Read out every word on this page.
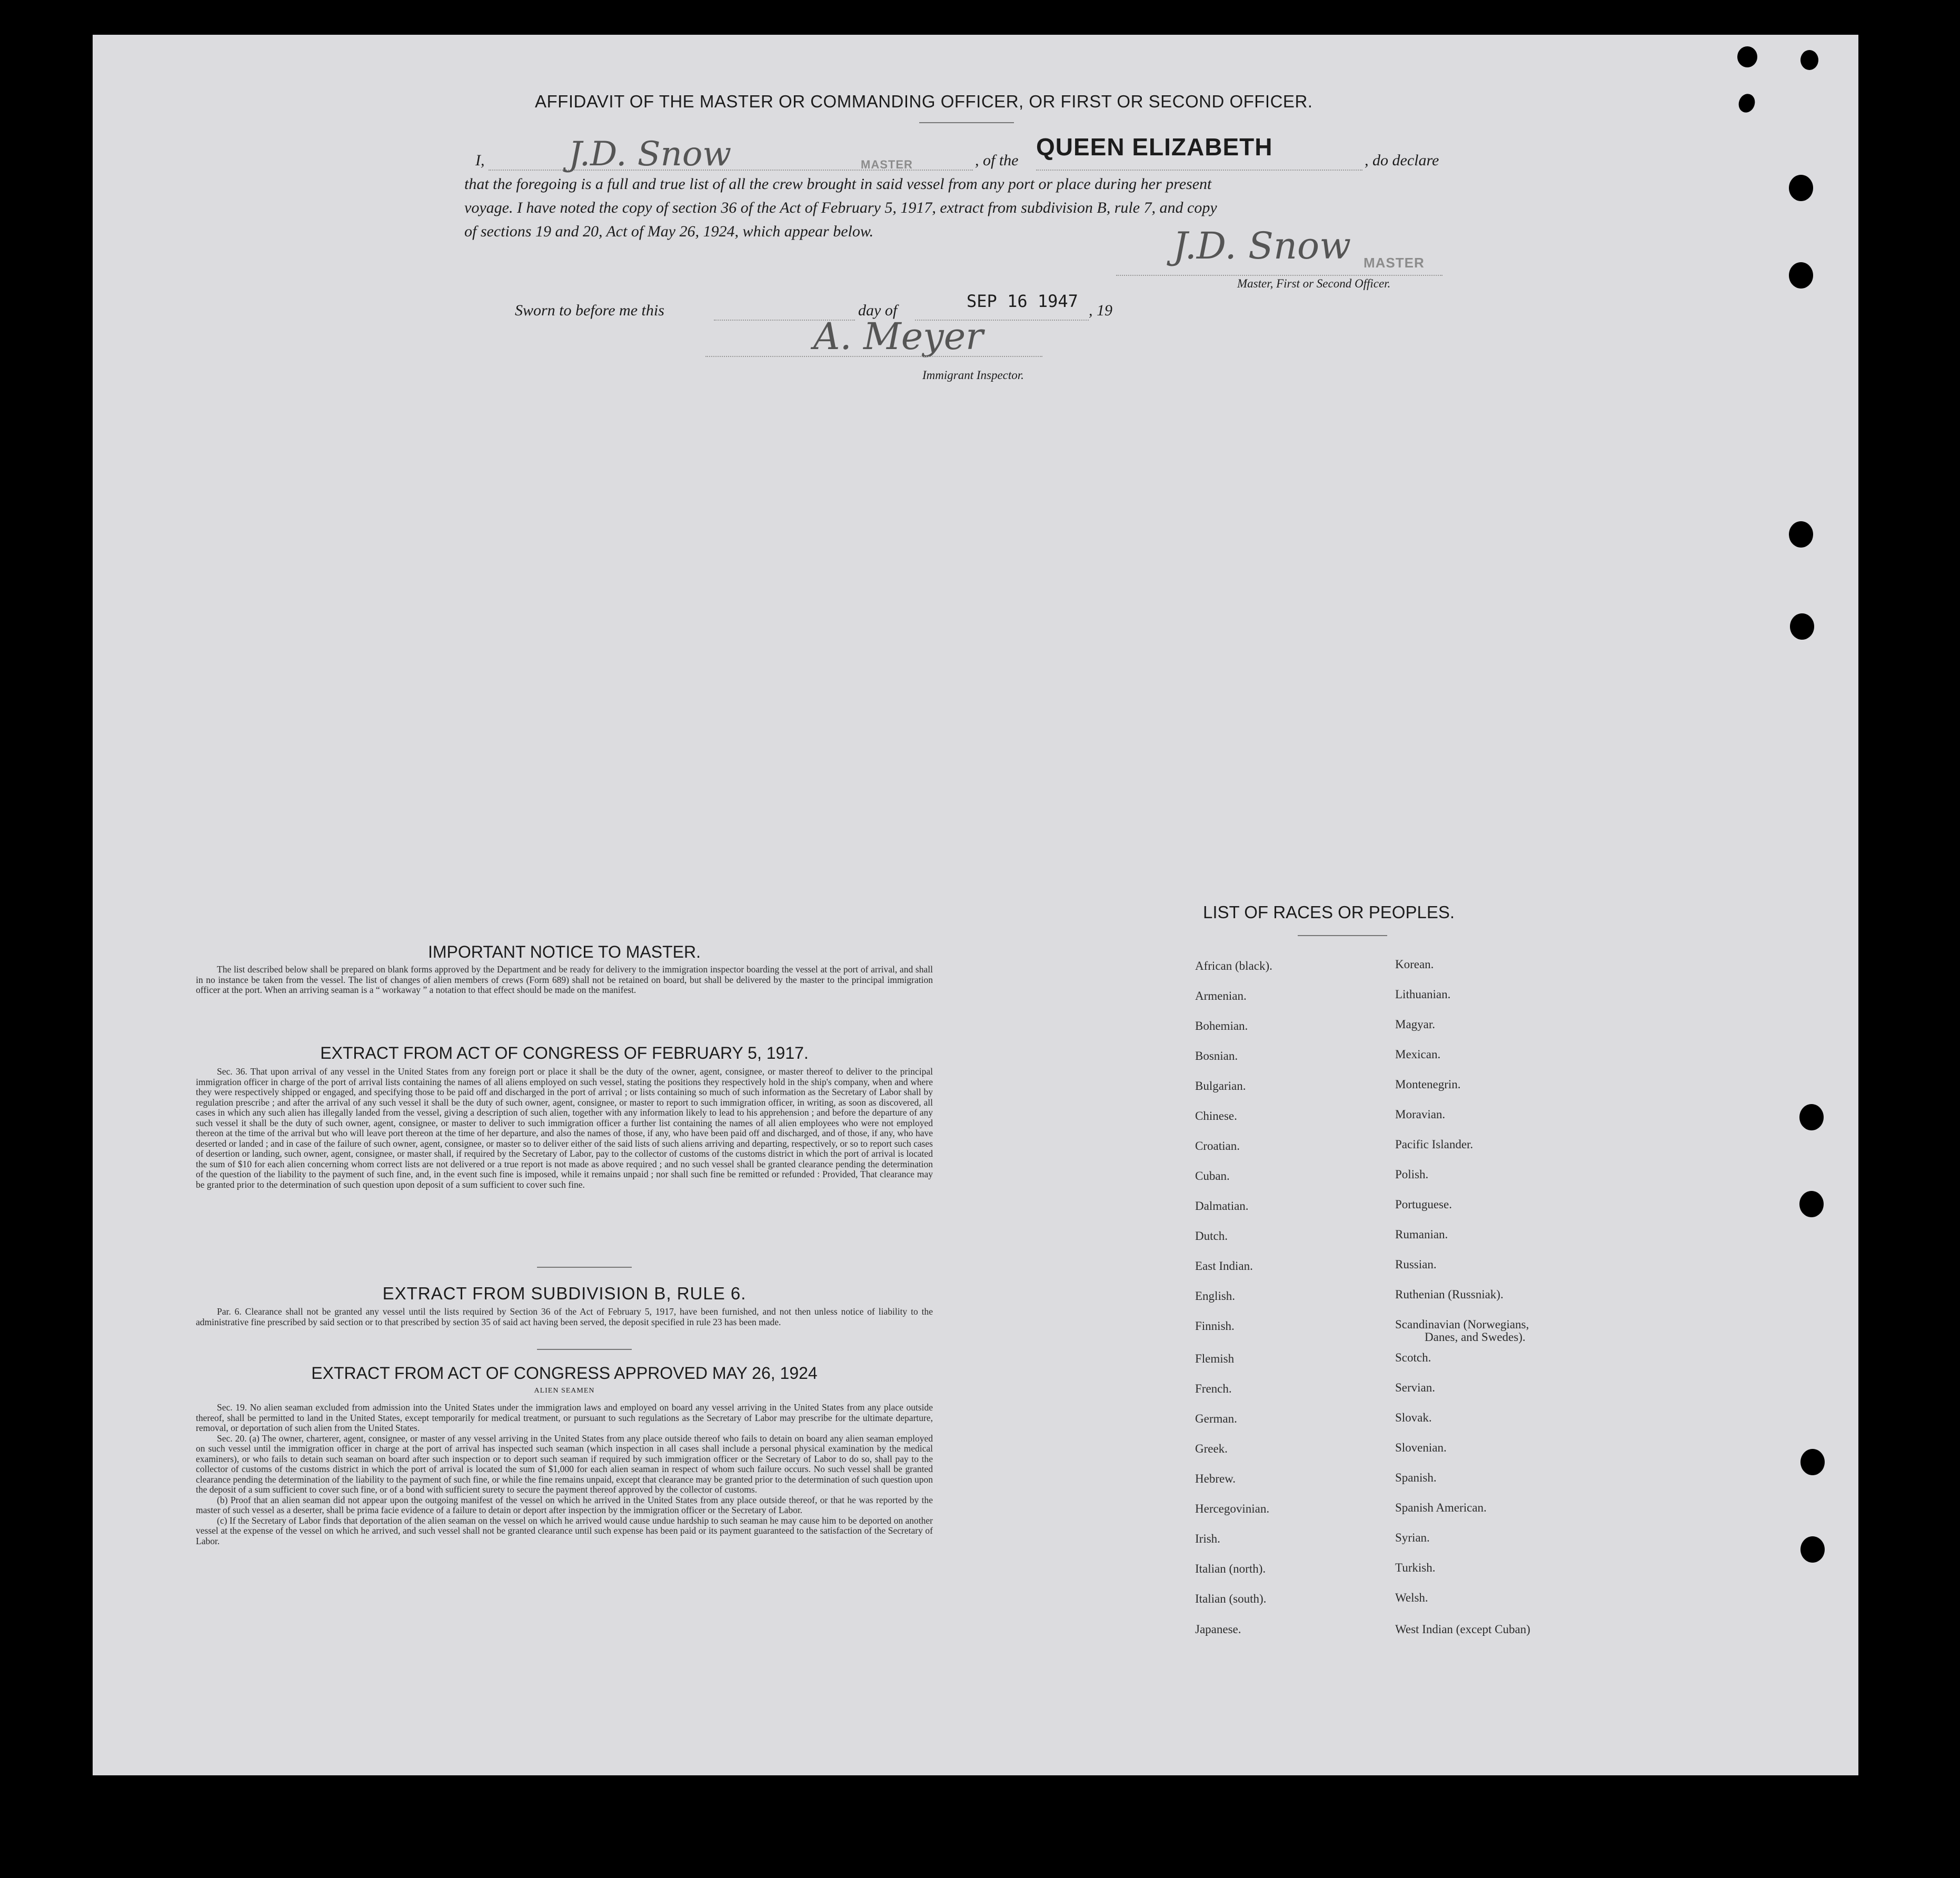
AFFIDAVIT OF THE MASTER OR COMMANDING OFFICER, OR FIRST OR SECOND OFFICER.
I, J.D. Snow	MASTER	, of the QUEEN ELIZABETH	, do declare
that the foregoing is a full and true list of all the crew brought in said vessel from any port or place during her present
voyage. I have noted the copy of section 36 of the Act of February 5, 1917, extract from subdivision B, rule 7, and copy
of sections 19 and 20, Act of May 26, 1924, which appear below.	J.D. Snow MASTER
Master, First or Second Officer.
Sworn to before me this	day of	SEP 16 1947 , 19
A. Meyer
Immigrant Inspector.
IMPORTANT NOTICE TO MASTER.

The list described below shall be prepared on blank forms approved by the Department and be ready for delivery to the immigration inspector boarding the vessel at the port of arrival, and shall in no instance be taken from the vessel. The list of changes of alien members of crews (Form 689) shall not be retained on board, but shall be delivered by the master to the principal immigration officer at the port. When an arriving seaman is a “ workaway ” a notation to that effect should be made on the manifest.

EXTRACT FROM ACT OF CONGRESS OF FEBRUARY 5, 1917.

Sec. 36. That upon arrival of any vessel in the United States from any foreign port or place it shall be the duty of the owner, agent, consignee, or master thereof to deliver to the principal immigration officer in charge of the port of arrival lists containing the names of all aliens employed on such vessel, stating the positions they respectively hold in the ship's company, when and where they were respectively shipped or engaged, and specifying those to be paid off and discharged in the port of arrival ; or lists containing so much of such information as the Secretary of Labor shall by regulation prescribe ; and after the arrival of any such vessel it shall be the duty of such owner, agent, consignee, or master to report to such immigration officer, in writing, as soon as discovered, all cases in which any such alien has illegally landed from the vessel, giving a description of such alien, together with any information likely to lead to his apprehension ; and before the departure of any such vessel it shall be the duty of such owner, agent, consignee, or master to deliver to such immigration officer a further list containing the names of all alien employees who were not employed thereon at the time of the arrival but who will leave port thereon at the time of her departure, and also the names of those, if any, who have been paid off and discharged, and of those, if any, who have deserted or landed ; and in case of the failure of such owner, agent, consignee, or master so to deliver either of the said lists of such aliens arriving and departing, respectively, or so to report such cases of desertion or landing, such owner, agent, consignee, or master shall, if required by the Secretary of Labor, pay to the collector of customs of the customs district in which the port of arrival is located the sum of $10 for each alien concerning whom correct lists are not delivered or a true report is not made as above required ; and no such vessel shall be granted clearance pending the determination of the question of the liability to the payment of such fine, and, in the event such fine is imposed, while it remains unpaid ; nor shall such fine be remitted or refunded : Provided, That clearance may be granted prior to the determination of such question upon deposit of a sum sufficient to cover such fine.

EXTRACT FROM SUBDIVISION B, RULE 6.

Par. 6. Clearance shall not be granted any vessel until the lists required by Section 36 of the Act of February 5, 1917, have been furnished, and not then unless notice of liability to the administrative fine prescribed by said section or to that prescribed by section 35 of said act having been served, the deposit specified in rule 23 has been made.

EXTRACT FROM ACT OF CONGRESS APPROVED MAY 26, 1924
ALIEN SEAMEN

Sec. 19. No alien seaman excluded from admission into the United States under the immigration laws and employed on board any vessel arriving in the United States from any place outside thereof, shall be permitted to land in the United States, except temporarily for medical treatment, or pursuant to such regulations as the Secretary of Labor may prescribe for the ultimate departure, removal, or deportation of such alien from the United States.

Sec. 20. (a) The owner, charterer, agent, consignee, or master of any vessel arriving in the United States from any place outside thereof who fails to detain on board any alien seaman employed on such vessel until the immigration officer in charge at the port of arrival has inspected such seaman (which inspection in all cases shall include a personal physical examination by the medical examiners), or who fails to detain such seaman on board after such inspection or to deport such seaman if required by such immigration officer or the Secretary of Labor to do so, shall pay to the collector of customs of the customs district in which the port of arrival is located the sum of $1,000 for each alien seaman in respect of whom such failure occurs. No such vessel shall be granted clearance pending the determination of the liability to the payment of such fine, or while the fine remains unpaid, except that clearance may be granted prior to the determination of such question upon the deposit of a sum sufficient to cover such fine, or of a bond with sufficient surety to secure the payment thereof approved by the collector of customs.

(b) Proof that an alien seaman did not appear upon the outgoing manifest of the vessel on which he arrived in the United States from any place outside thereof, or that he was reported by the master of such vessel as a deserter, shall be prima facie evidence of a failure to detain or deport after inspection by the immigration officer or the Secretary of Labor.

(c) If the Secretary of Labor finds that deportation of the alien seaman on the vessel on which he arrived would cause undue hardship to such seaman he may cause him to be deported on another vessel at the expense of the vessel on which he arrived, and such vessel shall not be granted clearance until such expense has been paid or its payment guaranteed to the satisfaction of the Secretary of Labor.

LIST OF RACES OR PEOPLES.
African (black).
Armenian.
Bohemian.
Bosnian.
Bulgarian.
Chinese.
Croatian.
Cuban.
Dalmatian.
Dutch.
East Indian.
English.
Finnish.
Flemish
French.
German.
Greek.
Hebrew.
Hercegovinian.
Irish.
Italian (north).
Italian (south).
Japanese.
Korean.
Lithuanian.
Magyar.
Mexican.
Montenegrin.
Moravian.
Pacific Islander.
Polish.
Portuguese.
Rumanian.
Russian.
Ruthenian (Russniak).
Scandinavian (Norwegians,
Danes, and Swedes).
Scotch.
Servian.
Slovak.
Slovenian.
Spanish.
Spanish American.
Syrian.
Turkish.
Welsh.
West Indian (except Cuban)
